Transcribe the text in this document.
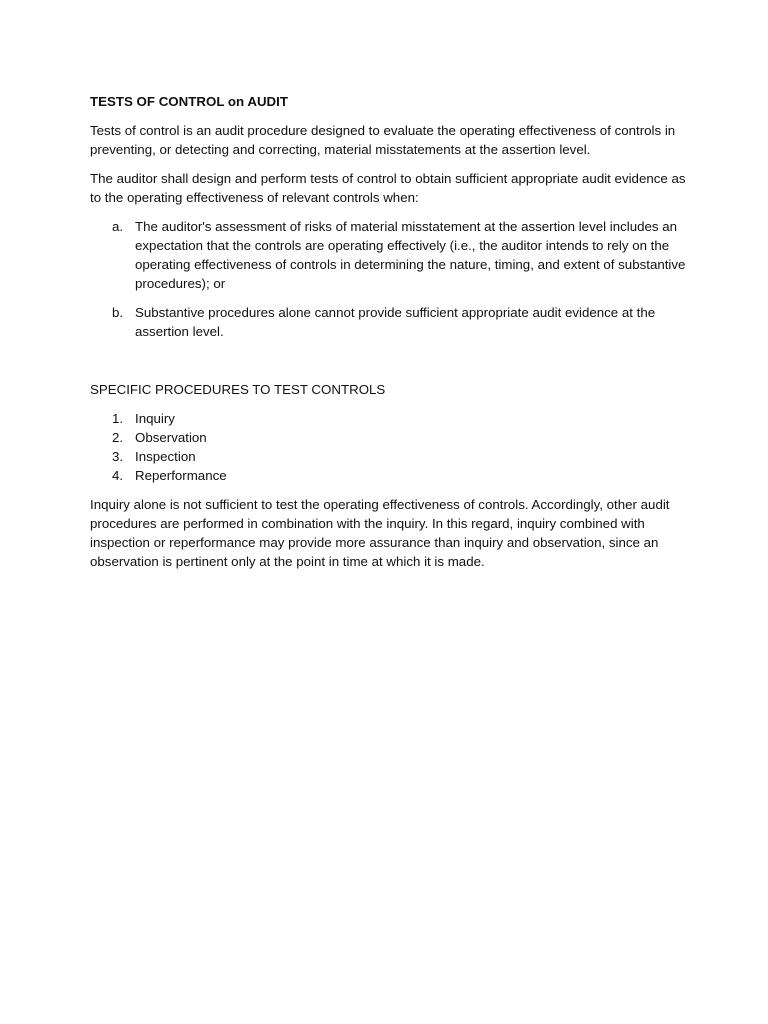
TESTS OF CONTROL on AUDIT

Tests of control is an audit procedure designed to evaluate the operating effectiveness of controls in preventing, or detecting and correcting, material misstatements at the assertion level.

The auditor shall design and perform tests of control to obtain sufficient appropriate audit evidence as to the operating effectiveness of relevant controls when:

a. The auditor's assessment of risks of material misstatement at the assertion level includes an expectation that the controls are operating effectively (i.e., the auditor intends to rely on the operating effectiveness of controls in determining the nature, timing, and extent of substantive procedures); or
b. Substantive procedures alone cannot provide sufficient appropriate audit evidence at the assertion level.

SPECIFIC PROCEDURES TO TEST CONTROLS

1. Inquiry
2. Observation
3. Inspection
4. Reperformance

Inquiry alone is not sufficient to test the operating effectiveness of controls. Accordingly, other audit procedures are performed in combination with the inquiry. In this regard, inquiry combined with inspection or reperformance may provide more assurance than inquiry and observation, since an observation is pertinent only at the point in time at which it is made.
